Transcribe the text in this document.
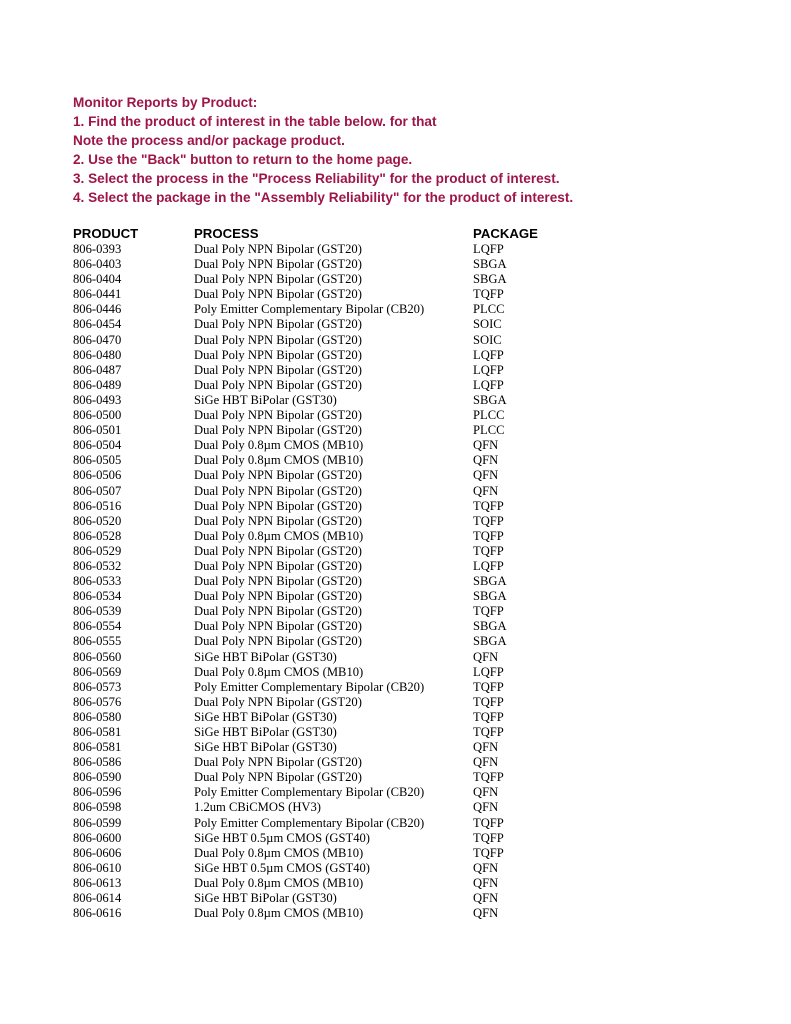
Monitor Reports by Product:
1. Find the product of interest in the table below. for that
Note the process and/or package product.
2. Use the "Back" button to return to the home page.
3. Select the process in the "Process Reliability" for the product of interest.
4. Select the package in the "Assembly Reliability" for the product of interest.
PRODUCT	PROCESS	PACKAGE
806-0393	Dual Poly NPN Bipolar (GST20)	LQFP
806-0403	Dual Poly NPN Bipolar (GST20)	SBGA
806-0404	Dual Poly NPN Bipolar (GST20)	SBGA
806-0441	Dual Poly NPN Bipolar (GST20)	TQFP
806-0446	Poly Emitter Complementary Bipolar (CB20)	PLCC
806-0454	Dual Poly NPN Bipolar (GST20)	SOIC
806-0470	Dual Poly NPN Bipolar (GST20)	SOIC
806-0480	Dual Poly NPN Bipolar (GST20)	LQFP
806-0487	Dual Poly NPN Bipolar (GST20)	LQFP
806-0489	Dual Poly NPN Bipolar (GST20)	LQFP
806-0493	SiGe HBT BiPolar (GST30)	SBGA
806-0500	Dual Poly NPN Bipolar (GST20)	PLCC
806-0501	Dual Poly NPN Bipolar (GST20)	PLCC
806-0504	Dual Poly 0.8µm CMOS (MB10)	QFN
806-0505	Dual Poly 0.8µm CMOS (MB10)	QFN
806-0506	Dual Poly NPN Bipolar (GST20)	QFN
806-0507	Dual Poly NPN Bipolar (GST20)	QFN
806-0516	Dual Poly NPN Bipolar (GST20)	TQFP
806-0520	Dual Poly NPN Bipolar (GST20)	TQFP
806-0528	Dual Poly 0.8µm CMOS (MB10)	TQFP
806-0529	Dual Poly NPN Bipolar (GST20)	TQFP
806-0532	Dual Poly NPN Bipolar (GST20)	LQFP
806-0533	Dual Poly NPN Bipolar (GST20)	SBGA
806-0534	Dual Poly NPN Bipolar (GST20)	SBGA
806-0539	Dual Poly NPN Bipolar (GST20)	TQFP
806-0554	Dual Poly NPN Bipolar (GST20)	SBGA
806-0555	Dual Poly NPN Bipolar (GST20)	SBGA
806-0560	SiGe HBT BiPolar (GST30)	QFN
806-0569	Dual Poly 0.8µm CMOS (MB10)	LQFP
806-0573	Poly Emitter Complementary Bipolar (CB20)	TQFP
806-0576	Dual Poly NPN Bipolar (GST20)	TQFP
806-0580	SiGe HBT BiPolar (GST30)	TQFP
806-0581	SiGe HBT BiPolar (GST30)	TQFP
806-0581	SiGe HBT BiPolar (GST30)	QFN
806-0586	Dual Poly NPN Bipolar (GST20)	QFN
806-0590	Dual Poly NPN Bipolar (GST20)	TQFP
806-0596	Poly Emitter Complementary Bipolar (CB20)	QFN
806-0598	1.2um CBiCMOS (HV3)	QFN
806-0599	Poly Emitter Complementary Bipolar (CB20)	TQFP
806-0600	SiGe HBT 0.5µm CMOS (GST40)	TQFP
806-0606	Dual Poly 0.8µm CMOS (MB10)	TQFP
806-0610	SiGe HBT 0.5µm CMOS (GST40)	QFN
806-0613	Dual Poly 0.8µm CMOS (MB10)	QFN
806-0614	SiGe HBT BiPolar (GST30)	QFN
806-0616	Dual Poly 0.8µm CMOS (MB10)	QFN
